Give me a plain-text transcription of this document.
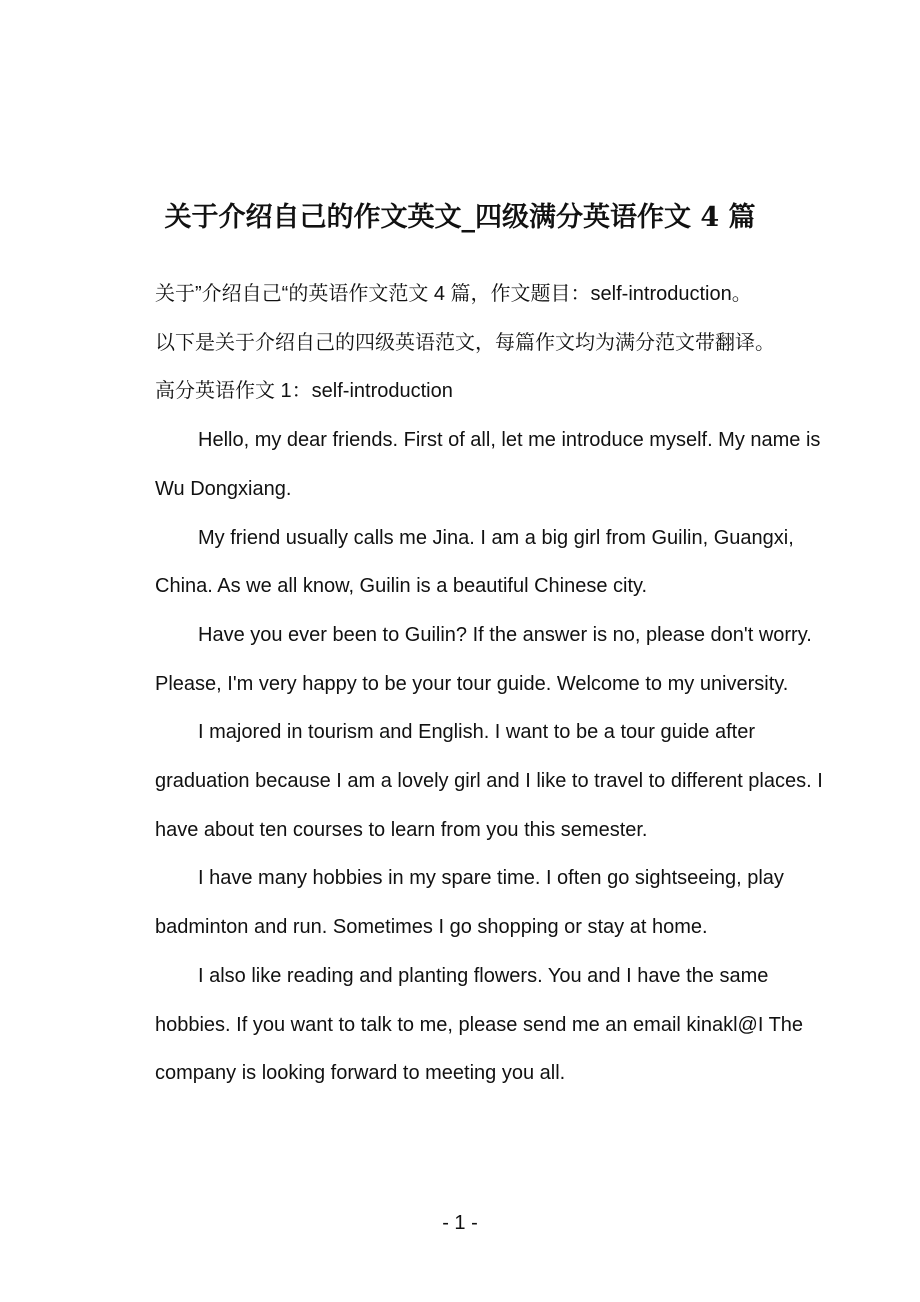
关于介绍自己的作文英文_四级满分英语作文 4 篇

关于”介绍自己“的英语作文范文 4 篇，作文题目：self-introduction。

以下是关于介绍自己的四级英语范文，每篇作文均为满分范文带翻译。

高分英语作文 1：self-introduction

Hello, my dear friends. First of all, let me introduce myself. My name is Wu Dongxiang.

My friend usually calls me Jina. I am a big girl from Guilin, Guangxi, China. As we all know, Guilin is a beautiful Chinese city.

Have you ever been to Guilin? If the answer is no, please don't worry. Please, I'm very happy to be your tour guide. Welcome to my university.

I majored in tourism and English. I want to be a tour guide after graduation because I am a lovely girl and I like to travel to different places. I have about ten courses to learn from you this semester.

I have many hobbies in my spare time. I often go sightseeing, play badminton and run. Sometimes I go shopping or stay at home.

I also like reading and planting flowers. You and I have the same hobbies. If you want to talk to me, please send me an email kinakl@I The company is looking forward to meeting you all.

- 1 -
